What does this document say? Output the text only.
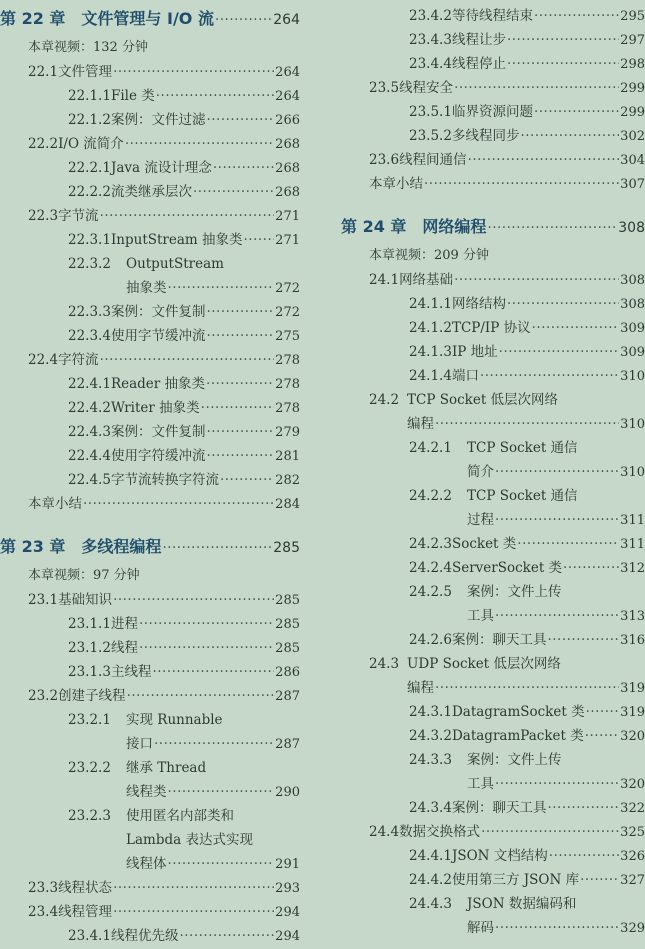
第 22 章 文件管理与 I/O 流 ·····	264
本章视频：132 分钟
22.1 文件管理 ·····	264
22.1.1 File 类 ·····	264
22.1.2 案例：文件过滤 ·····	266
22.2 I/O 流简介 ·····	268
22.2.1 Java 流设计理念 ·····	268
22.2.2 流类继承层次 ·····	268
22.3 字节流 ·····	271
22.3.1 InputStream 抽象类 ·····	271
22.3.2	OutputStream
抽象类 ·····	272
22.3.3 案例：文件复制 ·····	272
22.3.4 使用字节缓冲流 ·····	275
22.4 字符流 ·····	278
22.4.1 Reader 抽象类 ·····	278
22.4.2 Writer 抽象类 ·····	278
22.4.3 案例：文件复制 ·····	279
22.4.4 使用字符缓冲流 ·····	281
22.4.5 字节流转换字符流 ·····	282
本章小结 ·····	284
第 23 章 多线程编程 ·····	285
本章视频：97 分钟
23.1 基础知识 ·····	285
23.1.1 进程 ·····	285
23.1.2 线程 ·····	285
23.1.3 主线程 ·····	286
23.2 创建子线程 ·····	287
23.2.1	实现 Runnable
接口 ·····	287
23.2.2	继承 Thread
线程类 ·····	290
23.2.3	使用匿名内部类和
Lambda 表达式实现
线程体 ·····	291
23.3 线程状态 ·····	293
23.4 线程管理 ·····	294
23.4.1 线程优先级 ·····	294
23.4.2 等待线程结束 ·····	295
23.4.3 线程让步 ·····	297
23.4.4 线程停止 ·····	298
23.5 线程安全 ·····	299
23.5.1 临界资源问题 ·····	299
23.5.2 多线程同步 ·····	302
23.6 线程间通信 ·····	304
本章小结 ·····	307
第 24 章 网络编程 ·····	308
本章视频：209 分钟
24.1 网络基础 ·····	308
24.1.1 网络结构 ·····	308
24.1.2 TCP/IP 协议 ·····	309
24.1.3 IP 地址 ·····	309
24.1.4 端口 ·····	310
24.2 TCP Socket 低层次网络
编程 ·····	310
24.2.1	TCP Socket 通信
简介 ·····	310
24.2.2	TCP Socket 通信
过程 ·····	311
24.2.3 Socket 类 ·····	311
24.2.4 ServerSocket 类 ·····	312
24.2.5	案例：文件上传
工具 ·····	313
24.2.6 案例：聊天工具 ·····	316
24.3 UDP Socket 低层次网络
编程 ·····	319
24.3.1 DatagramSocket 类 ·····	319
24.3.2 DatagramPacket 类 ·····	320
24.3.3	案例：文件上传
工具 ·····	320
24.3.4 案例：聊天工具 ·····	322
24.4 数据交换格式 ·····	325
24.4.1 JSON 文档结构 ·····	326
24.4.2 使用第三方 JSON 库 ·····	327
24.4.3	JSON 数据编码和
解码 ·····	329
